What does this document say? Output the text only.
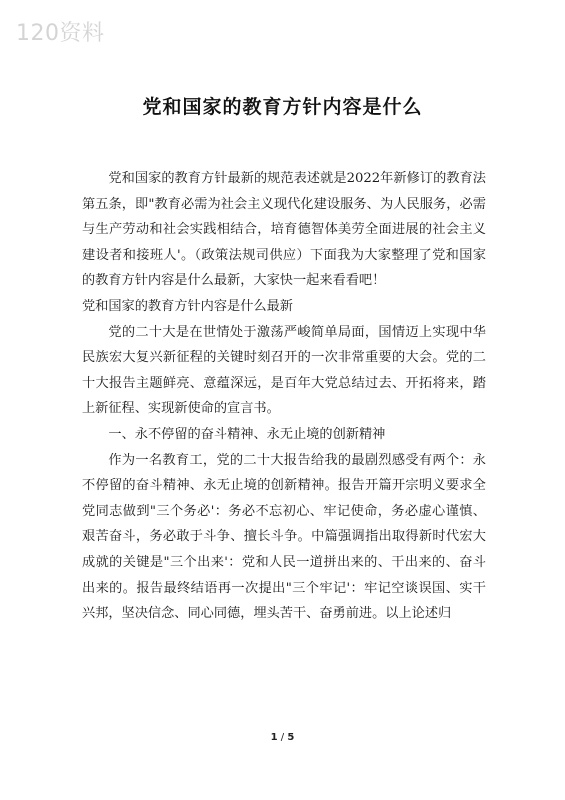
120资料
党和国家的教育方针内容是什么

党和国家的教育方针最新的规范表述就是2022年新修订的教育法第五条，即"教育必需为社会主义现代化建设服务、为人民服务，必需与生产劳动和社会实践相结合，培育德智体美劳全面进展的社会主义建设者和接班人'。（政策法规司供应）下面我为大家整理了党和国家的教育方针内容是什么最新，大家快一起来看看吧！

党和国家的教育方针内容是什么最新

党的二十大是在世情处于激荡严峻简单局面，国情迈上实现中华民族宏大复兴新征程的关键时刻召开的一次非常重要的大会。党的二十大报告主题鲜亮、意蕴深远，是百年大党总结过去、开拓将来，踏上新征程、实现新使命的宣言书。

一、永不停留的奋斗精神、永无止境的创新精神

作为一名教育工，党的二十大报告给我的最剧烈感受有两个：永不停留的奋斗精神、永无止境的创新精神。报告开篇开宗明义要求全党同志做到"三个务必'：务必不忘初心、牢记使命，务必虚心谨慎、艰苦奋斗，务必敢于斗争、擅长斗争。中篇强调指出取得新时代宏大成就的关键是"三个出来'：党和人民一道拼出来的、干出来的、奋斗出来的。报告最终结语再一次提出"三个牢记'：牢记空谈误国、实干兴邦，坚决信念、同心同德，埋头苦干、奋勇前进。以上论述归

1 / 5
